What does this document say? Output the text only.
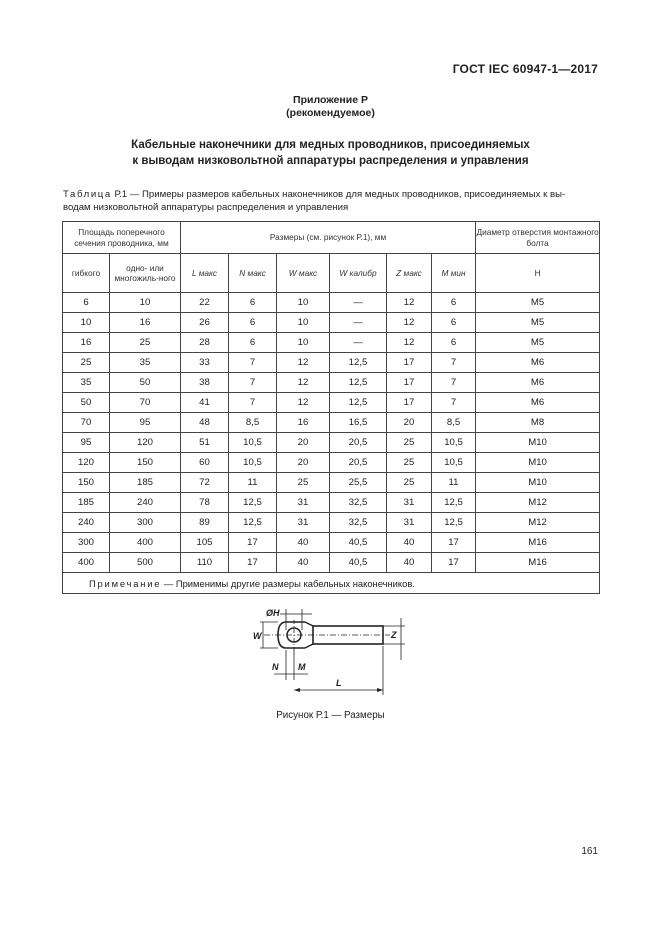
ГОСТ IEC 60947-1—2017
Приложение Р
(рекомендуемое)
Кабельные наконечники для медных проводников, присоединяемых
к выводам низковольтной аппаратуры распределения и управления
Таблица Р.1 — Примеры размеров кабельных наконечников для медных проводников, присоединяемых к вы-
водам низковольтной аппаратуры распределения и управления
Площадь поперечного сечения проводника, мм		Размеры (см. рисунок Р.1), мм						Диаметр отверстия монтажного болта
гибкого	одно- или многожиль-ного	L макс	N макс	W макс	W калибр	Z макс	M мин	H
6	10	22	6	10	—	12	6	M5
10	16	26	6	10	—	12	6	M5
16	25	28	6	10	—	12	6	M5
25	35	33	7	12	12,5	17	7	M6
35	50	38	7	12	12,5	17	7	M6
50	70	41	7	12	12,5	17	7	M6
70	95	48	8,5	16	16,5	20	8,5	M8
95	120	51	10,5	20	20,5	25	10,5	M10
120	150	60	10,5	20	20,5	25	10,5	M10
150	185	72	11	25	25,5	25	11	M10
185	240	78	12,5	31	32,5	31	12,5	M12
240	300	89	12,5	31	32,5	31	12,5	M12
300	400	105	17	40	40,5	40	17	M16
400	500	110	17	40	40,5	40	17	M16
Примечание — Применимы другие размеры кабельных наконечников.								
ØH
W	Z
N M
L
Рисунок Р.1 — Размеры
161
